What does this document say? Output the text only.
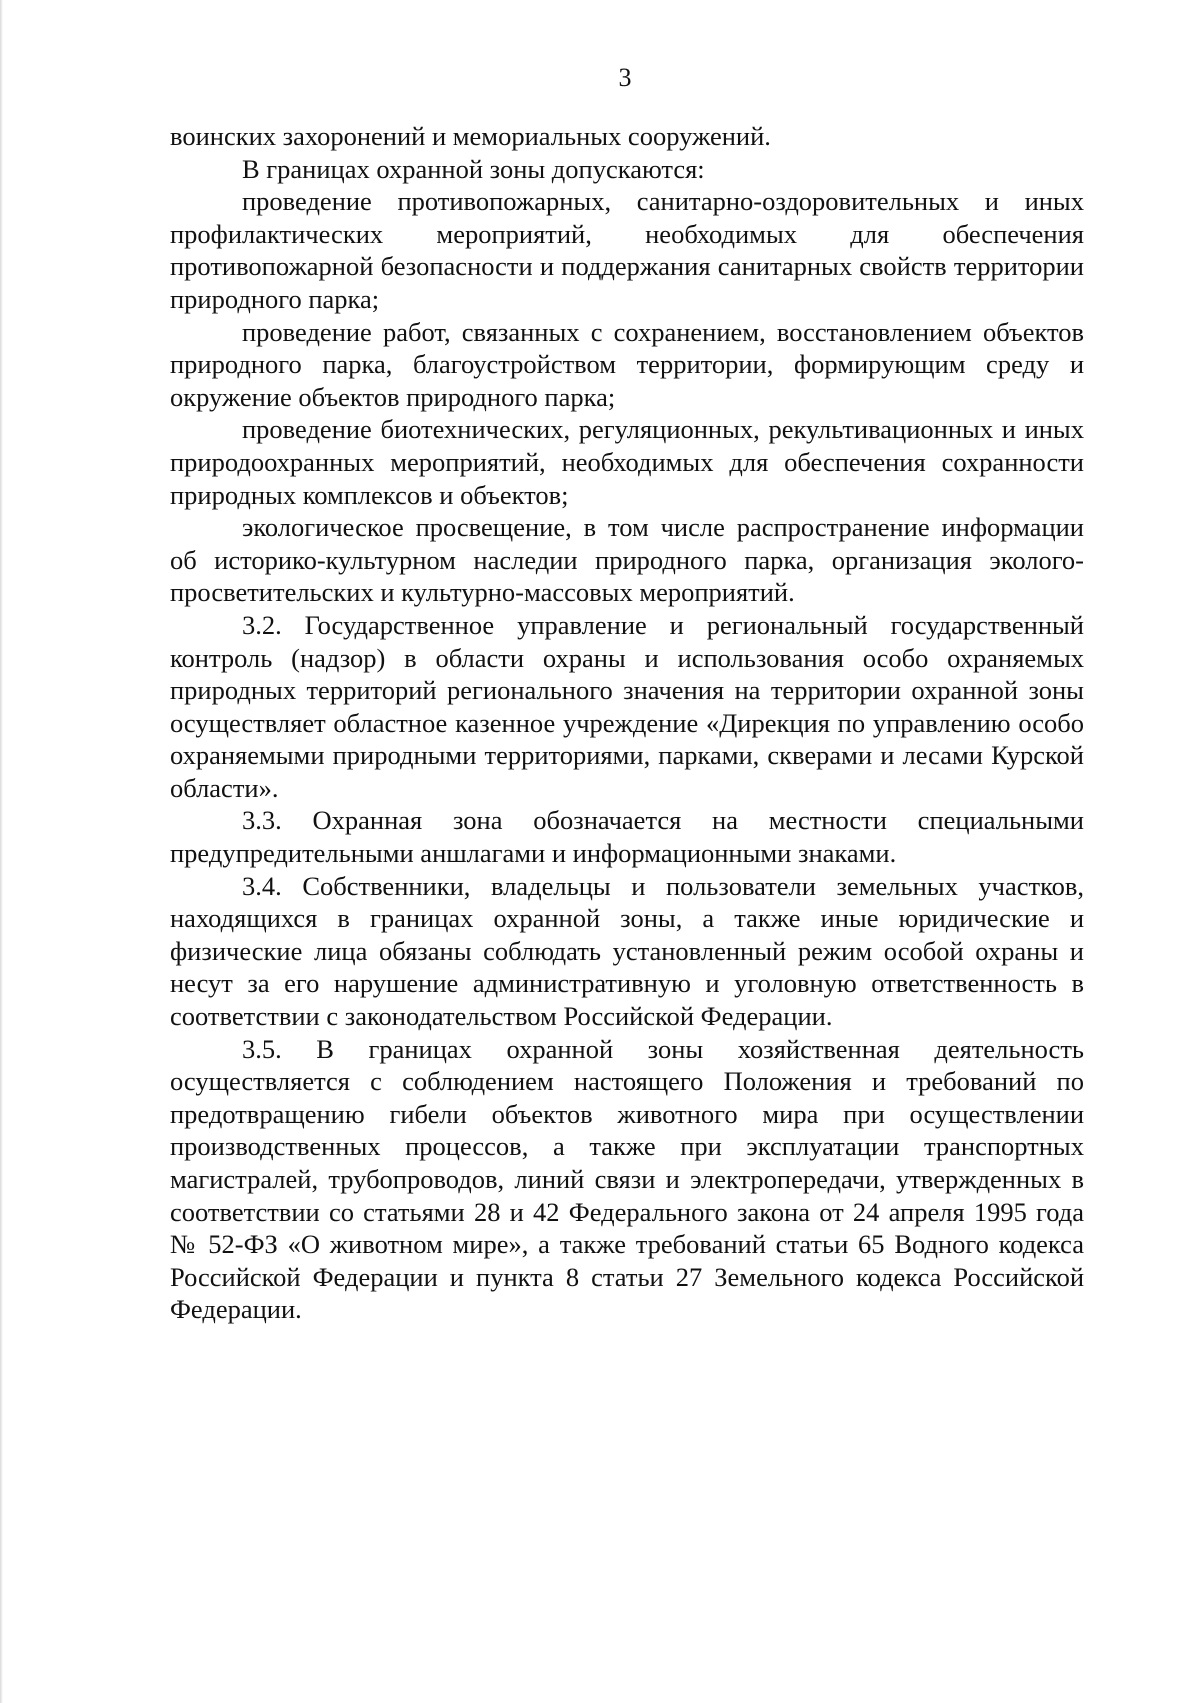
3

воинских захоронений и мемориальных сооружений.

В границах охранной зоны допускаются:

проведение противопожарных, санитарно-оздоровительных и иных профилактических мероприятий, необходимых для обеспечения противопожарной безопасности и поддержания санитарных свойств территории природного парка;

проведение работ, связанных с сохранением, восстановлением объектов природного парка, благоустройством территории, формирующим среду и окружение объектов природного парка;

проведение биотехнических, регуляционных, рекультивационных и иных природоохранных мероприятий, необходимых для обеспечения сохранности природных комплексов и объектов;

экологическое просвещение, в том числе распространение информации об историко-культурном наследии природного парка, организация эколого-просветительских и культурно-массовых мероприятий.

3.2. Государственное управление и региональный государственный контроль (надзор) в области охраны и использования особо охраняемых природных территорий регионального значения на территории охранной зоны осуществляет областное казенное учреждение «Дирекция по управлению особо охраняемыми природными территориями, парками, скверами и лесами Курской области».

3.3. Охранная зона обозначается на местности специальными предупредительными аншлагами и информационными знаками.

3.4. Собственники, владельцы и пользователи земельных участков, находящихся в границах охранной зоны, а также иные юридические и физические лица обязаны соблюдать установленный режим особой охраны и несут за его нарушение административную и уголовную ответственность в соответствии с законодательством Российской Федерации.

3.5. В границах охранной зоны хозяйственная деятельность осуществляется с соблюдением настоящего Положения и требований по предотвращению гибели объектов животного мира при осуществлении производственных процессов, а также при эксплуатации транспортных магистралей, трубопроводов, линий связи и электропередачи, утвержденных в соответствии со статьями 28 и 42 Федерального закона от 24 апреля 1995 года № 52-ФЗ «О животном мире», а также требований статьи 65 Водного кодекса Российской Федерации и пункта 8 статьи 27 Земельного кодекса Российской Федерации.
